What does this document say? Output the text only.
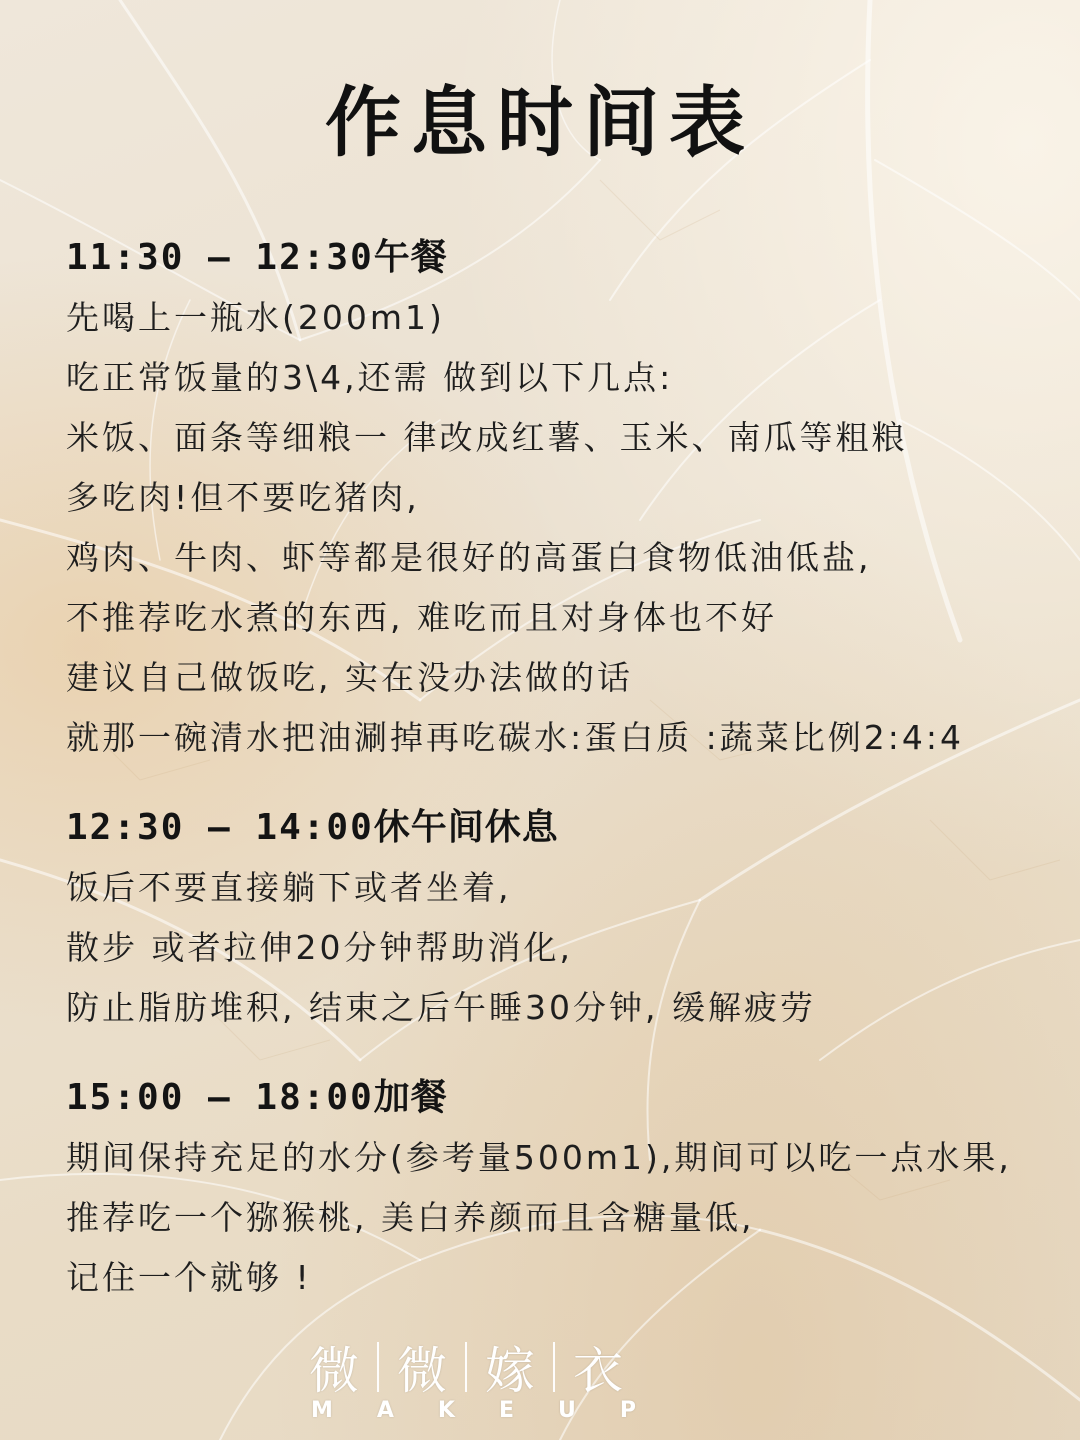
作息时间表
11:30 — 12:30午餐
先喝上一瓶水(200m1)
吃正常饭量的3\4,还需 做到以下几点:
米饭、面条等细粮一 律改成红薯、玉米、南瓜等粗粮
多吃肉!但不要吃猪肉,
鸡肉、牛肉、虾等都是很好的高蛋白食物低油低盐,
不推荐吃水煮的东西, 难吃而且对身体也不好
建议自己做饭吃, 实在没办法做的话
就那一碗清水把油涮掉再吃碳水:蛋白质 :蔬菜比例2:4:4
12:30 — 14:00休午间休息
饭后不要直接躺下或者坐着,
散步 或者拉伸20分钟帮助消化,
防止脂肪堆积, 结束之后午睡30分钟, 缓解疲劳
15:00 — 18:00加餐
期间保持充足的水分(参考量500m1),期间可以吃一点水果,
推荐吃一个猕猴桃, 美白养颜而且含糖量低,
记住一个就够 !
微 微 嫁 衣
MAKEUP
